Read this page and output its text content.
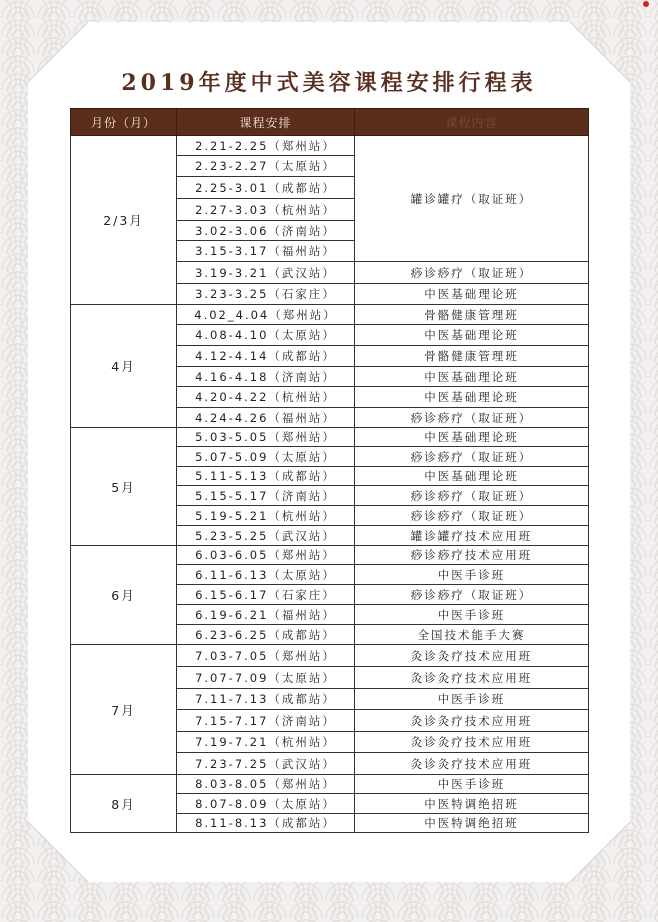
2019年度中式美容课程安排行程表
月份（月）	课程安排	课程内容
2/3月	2.21-2.25（郑州站）	罐诊罐疗（取证班）
	2.23-2.27（太原站）	
	2.25-3.01（成都站）	
	2.27-3.03（杭州站）	
	3.02-3.06（济南站）	
	3.15-3.17（福州站）	
	3.19-3.21（武汉站）	痧诊痧疗（取证班）
	3.23-3.25（石家庄）	中医基础理论班
4月	4.02_4.04（郑州站）	骨骼健康管理班
	4.08-4.10（太原站）	中医基础理论班
	4.12-4.14（成都站）	骨骼健康管理班
	4.16-4.18（济南站）	中医基础理论班
	4.20-4.22（杭州站）	中医基础理论班
	4.24-4.26（福州站）	痧诊痧疗（取证班）
5月	5.03-5.05（郑州站）	中医基础理论班
	5.07-5.09（太原站）	痧诊痧疗（取证班）
	5.11-5.13（成都站）	中医基础理论班
	5.15-5.17（济南站）	痧诊痧疗（取证班）
	5.19-5.21（杭州站）	痧诊痧疗（取证班）
	5.23-5.25（武汉站）	罐诊罐疗技术应用班
6月	6.03-6.05（郑州站）	痧诊痧疗技术应用班
	6.11-6.13（太原站）	中医手诊班
	6.15-6.17（石家庄）	痧诊痧疗（取证班）
	6.19-6.21（福州站）	中医手诊班
	6.23-6.25（成都站）	全国技术能手大赛
7月	7.03-7.05（郑州站）	灸诊灸疗技术应用班
	7.07-7.09（太原站）	灸诊灸疗技术应用班
	7.11-7.13（成都站）	中医手诊班
	7.15-7.17（济南站）	灸诊灸疗技术应用班
	7.19-7.21（杭州站）	灸诊灸疗技术应用班
	7.23-7.25（武汉站）	灸诊灸疗技术应用班
8月	8.03-8.05（郑州站）	中医手诊班
	8.07-8.09（太原站）	中医特调绝招班
	8.11-8.13（成都站）	中医特调绝招班
